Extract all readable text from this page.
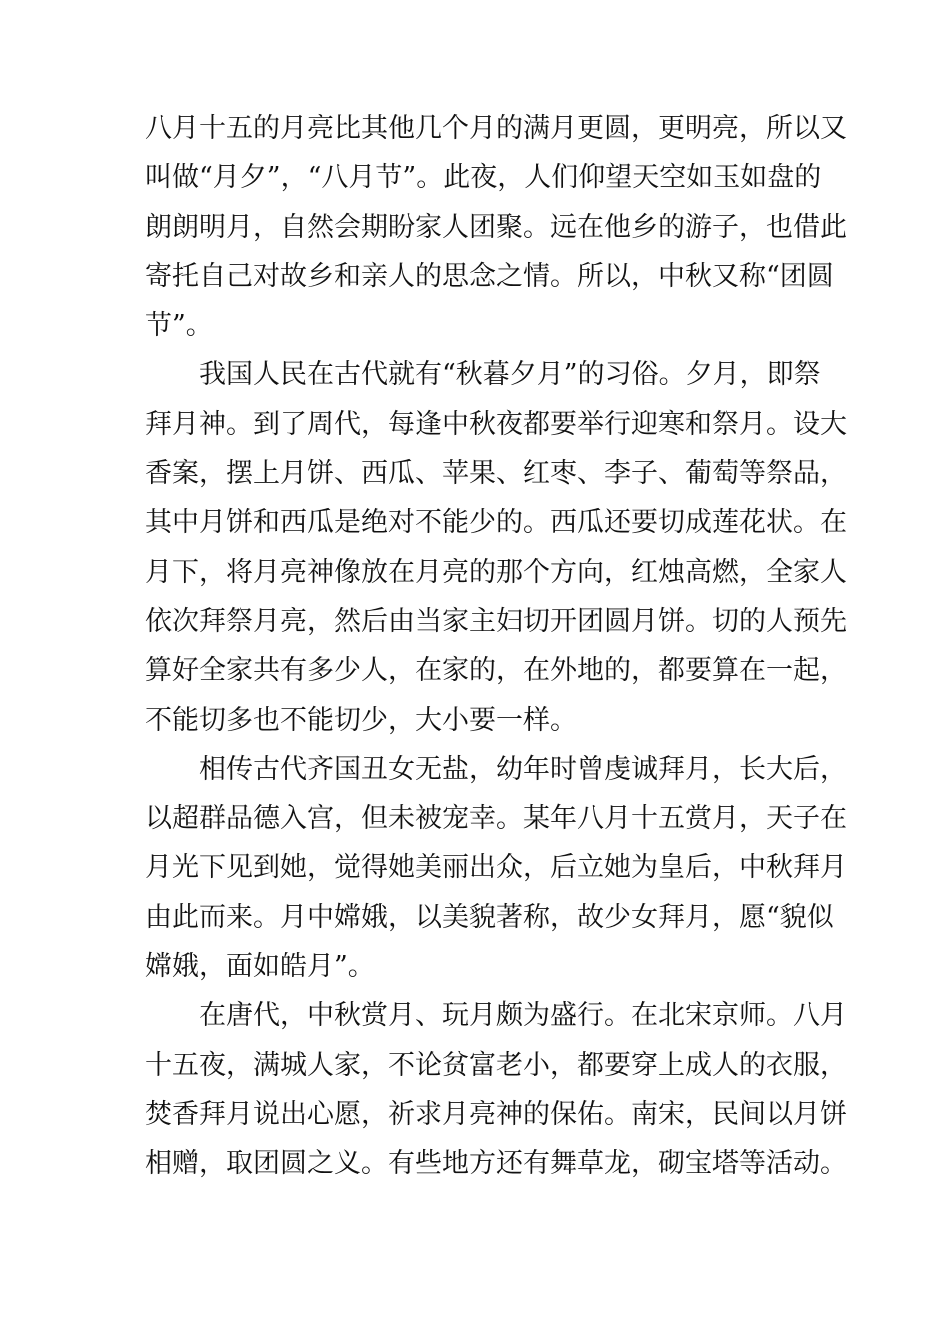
八月十五的月亮比其他几个月的满月更圆，更明亮，所以又
叫做“月夕”，“八月节”。此夜，人们仰望天空如玉如盘的
朗朗明月，自然会期盼家人团聚。远在他乡的游子，也借此
寄托自己对故乡和亲人的思念之情。所以，中秋又称“团圆
节”。
我国人民在古代就有“秋暮夕月”的习俗。夕月，即祭
拜月神。到了周代，每逢中秋夜都要举行迎寒和祭月。设大
香案，摆上月饼、西瓜、苹果、红枣、李子、葡萄等祭品，
其中月饼和西瓜是绝对不能少的。西瓜还要切成莲花状。在
月下，将月亮神像放在月亮的那个方向，红烛高燃，全家人
依次拜祭月亮，然后由当家主妇切开团圆月饼。切的人预先
算好全家共有多少人，在家的，在外地的，都要算在一起，
不能切多也不能切少，大小要一样。
相传古代齐国丑女无盐，幼年时曾虔诚拜月，长大后，
以超群品德入宫，但未被宠幸。某年八月十五赏月，天子在
月光下见到她，觉得她美丽出众，后立她为皇后，中秋拜月
由此而来。月中嫦娥，以美貌著称，故少女拜月，愿“貌似
嫦娥，面如皓月”。
在唐代，中秋赏月、玩月颇为盛行。在北宋京师。八月
十五夜，满城人家，不论贫富老小，都要穿上成人的衣服，
焚香拜月说出心愿，祈求月亮神的保佑。南宋，民间以月饼
相赠，取团圆之义。有些地方还有舞草龙，砌宝塔等活动。
